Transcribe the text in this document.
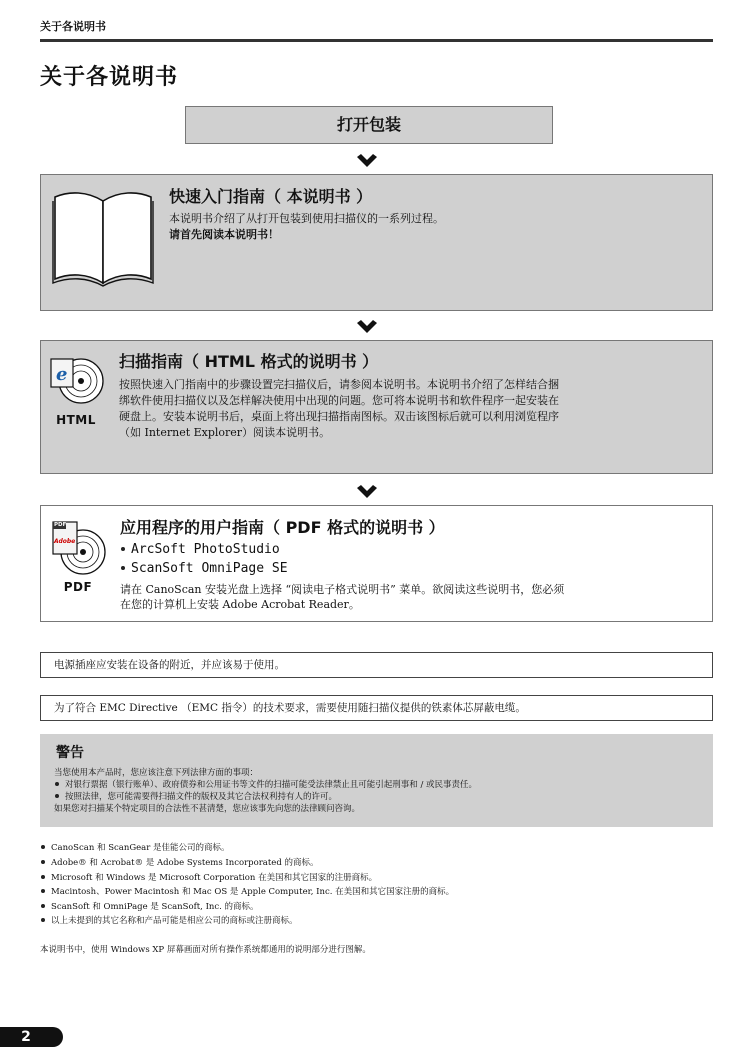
关于各说明书
关于各说明书
打开包装
快速入门指南（ 本说明书 ）
本说明书介绍了从打开包装到使用扫描仪的一系列过程。
请首先阅读本说明书！
e
HTML
扫描指南（ HTML 格式的说明书 ）
按照快速入门指南中的步骤设置完扫描仪后，请参阅本说明书。本说明书介绍了怎样结合捆
绑软件使用扫描仪以及怎样解决使用中出现的问题。您可将本说明书和软件程序一起安装在
硬盘上。安装本说明书后，桌面上将出现扫描指南图标。双击该图标后就可以利用浏览程序
（如 Internet Explorer）阅读本说明书。
PDF
Adobe
PDF
应用程序的用户指南（ PDF 格式的说明书 ）
ArcSoft PhotoStudio
ScanSoft OmniPage SE
请在 CanoScan 安装光盘上选择 “阅读电子格式说明书” 菜单。欲阅读这些说明书，您必须
在您的计算机上安装 Adobe Acrobat Reader。
电源插座应安装在设备的附近，并应该易于使用。
为了符合 EMC Directive （EMC 指令）的技术要求，需要使用随扫描仪提供的铁素体芯屏蔽电缆。
警告
当您使用本产品时，您应该注意下列法律方面的事项：
对银行票据（银行账单）、政府债券和公用证书等文件的扫描可能受法律禁止且可能引起刑事和 / 或民事责任。
按照法律，您可能需要得扫描文件的版权及其它合法权利持有人的许可。
如果您对扫描某个特定项目的合法性不甚清楚，您应该事先向您的法律顾问咨询。
CanoScan 和 ScanGear 是佳能公司的商标。
Adobe® 和 Acrobat® 是 Adobe Systems Incorporated 的商标。
Microsoft 和 Windows 是 Microsoft Corporation 在美国和其它国家的注册商标。
Macintosh、Power Macintosh 和 Mac OS 是 Apple Computer, Inc. 在美国和其它国家注册的商标。
ScanSoft 和 OmniPage 是 ScanSoft, Inc. 的商标。
以上未提到的其它名称和产品可能是相应公司的商标或注册商标。
本说明书中，使用 Windows XP 屏幕画面对所有操作系统都通用的说明部分进行图解。
2
